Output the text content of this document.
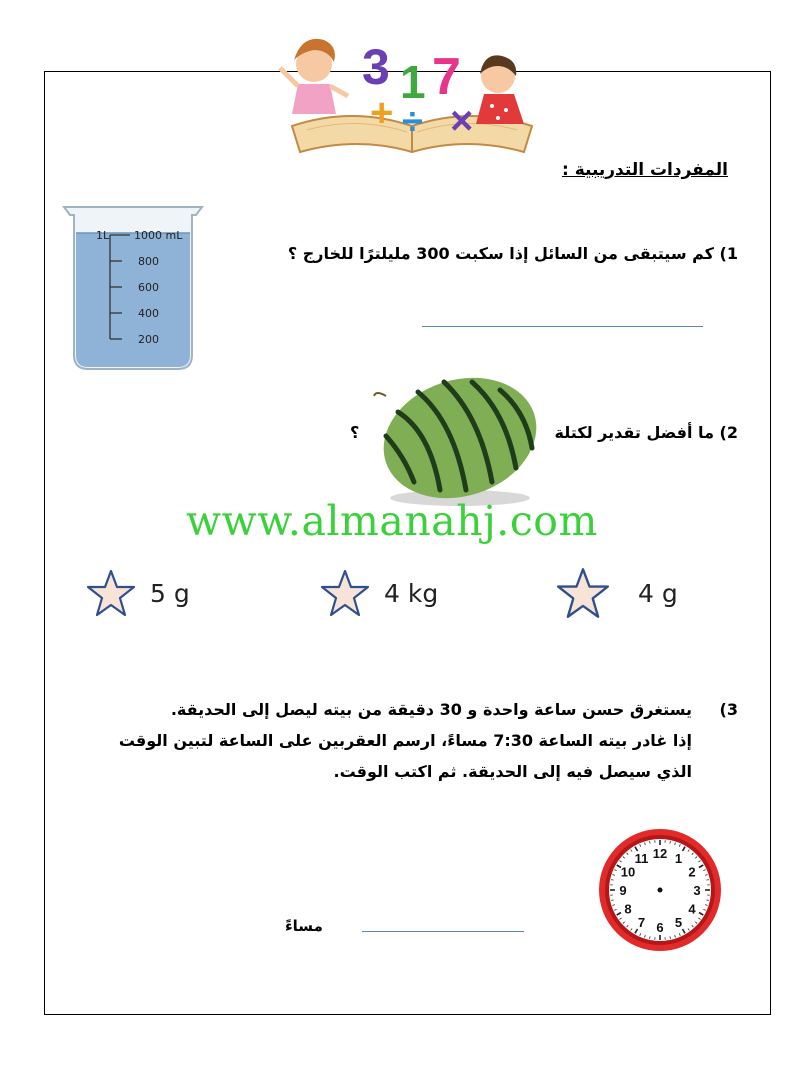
3 1 7
+ ÷ ×
المفردات التدريبية :
1L 1000 mL
800
600
400
200
1) كم سيتبقى من السائل إذا سكبت 300 مليلترًا للخارج ؟
2) ما أفضل تقدير لكتلة
؟
www.almanahj.com
5 g	4 kg	4 g
3)
يستغرق حسن ساعة واحدة و 30 دقيقة من بيته ليصل إلى الحديقة.
إذا غادر بيته الساعة 7:30 مساءً، ارسم العقربين على الساعة لتبين الوقت
الذي سيصل فيه إلى الحديقة. ثم اكتب الوقت.
مساءً
12 1
2
3
4
5
6
7
8
9
10
11
